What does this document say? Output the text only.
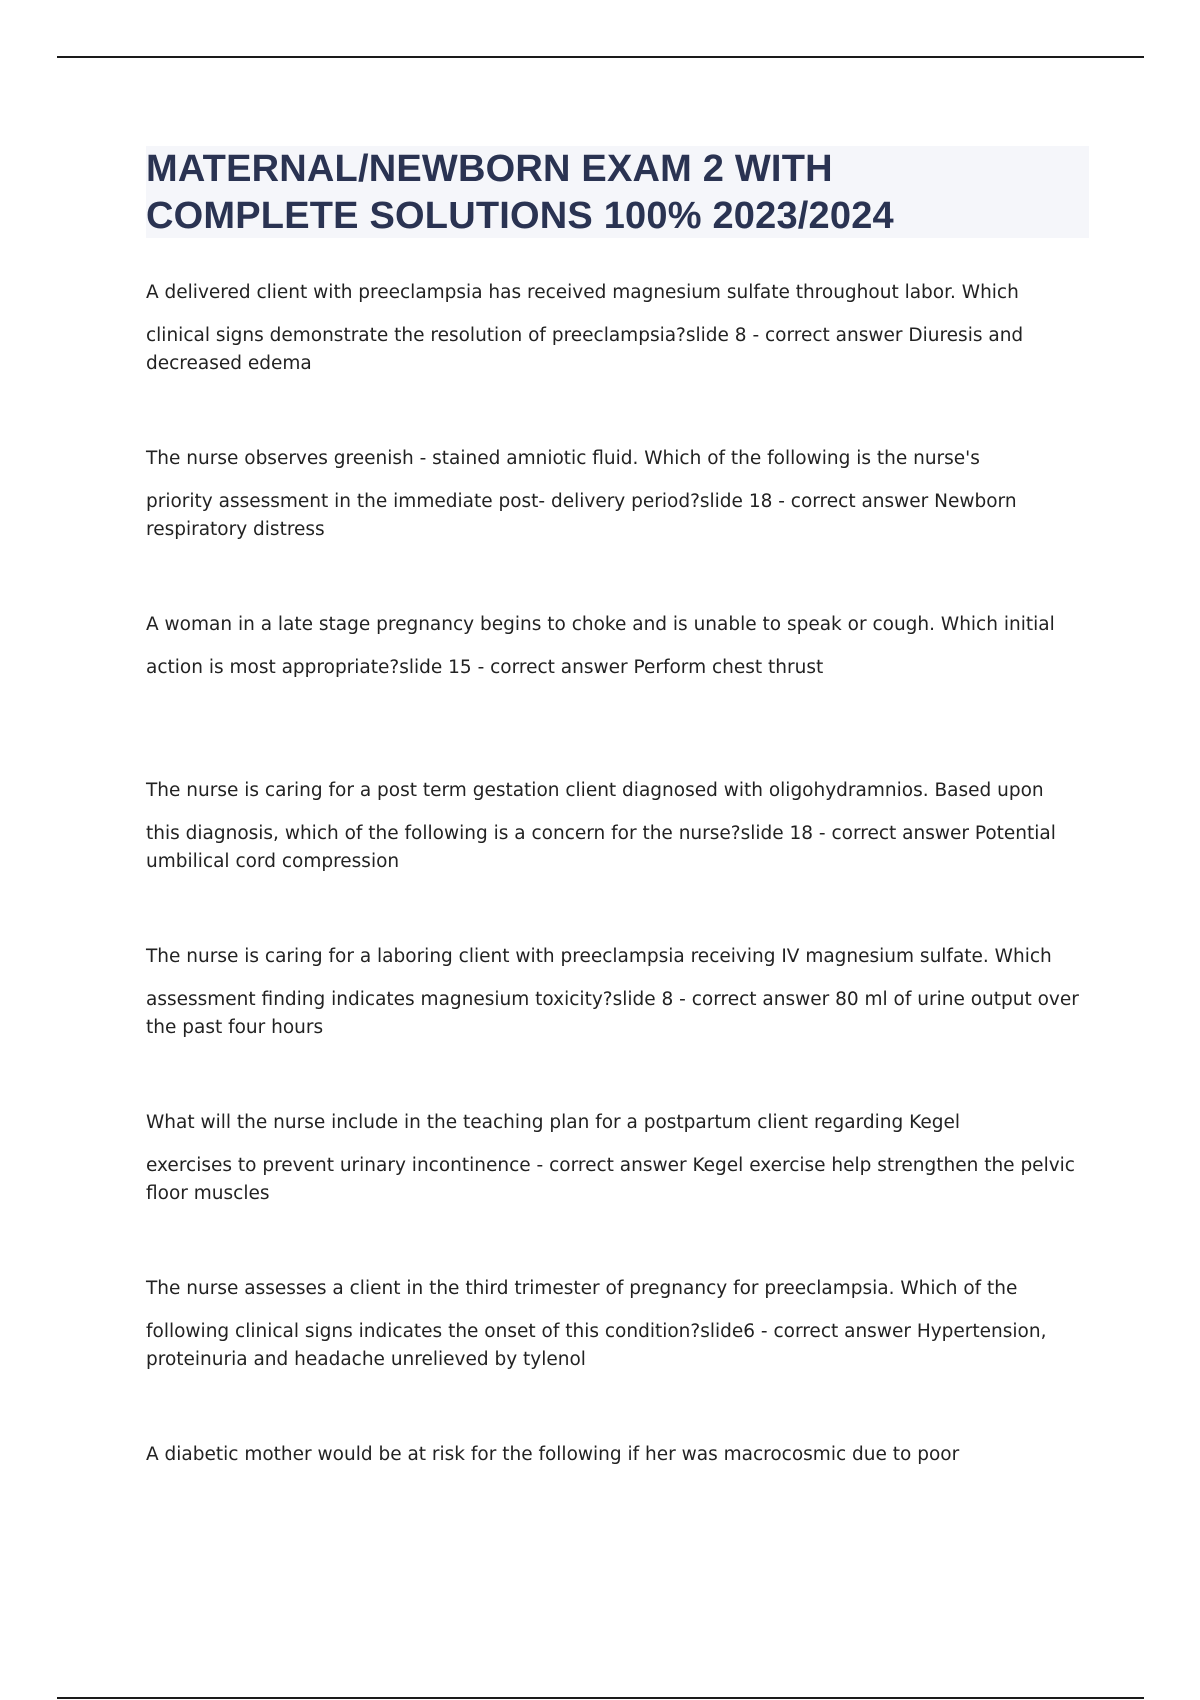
MATERNAL/NEWBORN EXAM 2 WITH
COMPLETE SOLUTIONS 100% 2023/2024

A delivered client with preeclampsia has received magnesium sulfate throughout labor. Which

clinical signs demonstrate the resolution of preeclampsia?slide 8 - correct answer Diuresis and decreased edema

The nurse observes greenish - stained amniotic fluid. Which of the following is the nurse's

priority assessment in the immediate post- delivery period?slide 18 - correct answer Newborn respiratory distress

A woman in a late stage pregnancy begins to choke and is unable to speak or cough. Which initial

action is most appropriate?slide 15 - correct answer Perform chest thrust

The nurse is caring for a post term gestation client diagnosed with oligohydramnios. Based upon

this diagnosis, which of the following is a concern for the nurse?slide 18 - correct answer Potential umbilical cord compression

The nurse is caring for a laboring client with preeclampsia receiving IV magnesium sulfate. Which

assessment finding indicates magnesium toxicity?slide 8 - correct answer 80 ml of urine output over the past four hours

What will the nurse include in the teaching plan for a postpartum client regarding Kegel

exercises to prevent urinary incontinence - correct answer Kegel exercise help strengthen the pelvic floor muscles

The nurse assesses a client in the third trimester of pregnancy for preeclampsia. Which of the

following clinical signs indicates the onset of this condition?slide6 - correct answer Hypertension, proteinuria and headache unrelieved by tylenol

A diabetic mother would be at risk for the following if her was macrocosmic due to poor
